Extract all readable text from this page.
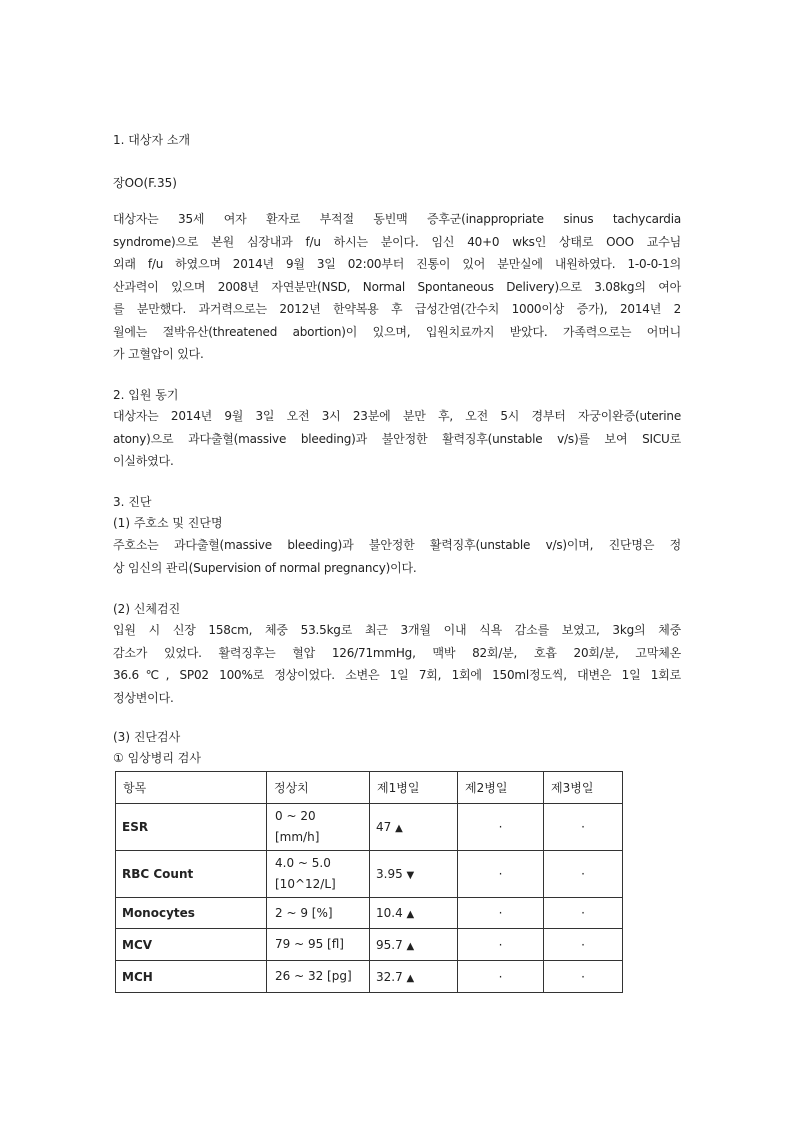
1. 대상자 소개
장OO(F.35)
대상자는 35세 여자 환자로 부적절 동빈맥 증후군(inappropriate sinus tachycardia
syndrome)으로 본원 심장내과 f/u 하시는 분이다. 임신 40+0 wks인 상태로 OOO 교수님
외래 f/u 하였으며 2014년 9월 3일 02:00부터 진통이 있어 분만실에 내원하였다. 1-0-0-1의
산과력이 있으며 2008년 자연분만(NSD, Normal Spontaneous Delivery)으로 3.08kg의 여아
를 분만했다. 과거력으로는 2012년 한약복용 후 급성간염(간수치 1000이상 증가), 2014년 2
월에는 절박유산(threatened abortion)이 있으며, 입원치료까지 받았다. 가족력으로는 어머니
가 고혈압이 있다.
2. 입원 동기
대상자는 2014년 9월 3일 오전 3시 23분에 분만 후, 오전 5시 경부터 자궁이완증(uterine
atony)으로 과다출혈(massive bleeding)과 불안정한 활력징후(unstable v/s)를 보여 SICU로
이실하였다.
3. 진단
(1) 주호소 및 진단명
주호소는 과다출혈(massive bleeding)과 불안정한 활력징후(unstable v/s)이며, 진단명은 정
상 임신의 관리(Supervision of normal pregnancy)이다.
(2) 신체검진
입원 시 신장 158cm, 체중 53.5kg로 최근 3개월 이내 식욕 감소를 보였고, 3kg의 체중
감소가 있었다. 활력징후는 혈압 126/71mmHg, 맥박 82회/분, 호흡 20회/분, 고막체온
36.6℃, SP02 100%로 정상이었다. 소변은 1일 7회, 1회에 150ml정도씩, 대변은 1일 1회로
정상변이다.
(3) 진단검사
① 임상병리 검사
항목	정상치	제1병일	제2병일	제3병일
ESR	0 ~ 20
[mm/h]	47 ▲	·	·
RBC Count	4.0 ~ 5.0
[10^12/L]	3.95 ▼	·	·
Monocytes	2 ~ 9 [%]	10.4 ▲	·	·
MCV	79 ~ 95 [fl]	95.7 ▲	·	·
MCH	26 ~ 32 [pg]	32.7 ▲	·	·
